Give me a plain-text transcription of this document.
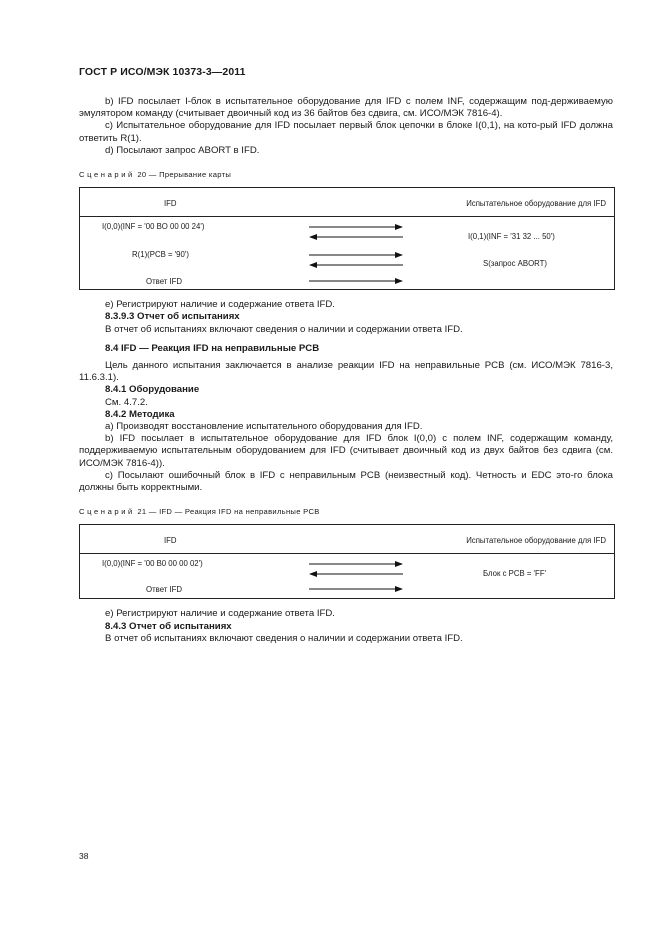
ГОСТ Р ИСО/МЭК 10373-3—2011

b) IFD посылает I-блок в испытательное оборудование для IFD с полем INF, содержащим под-держиваемую эмулятором команду (считывает двоичный код из 36 байтов без сдвига, см. ИСО/МЭК 7816-4).

c) Испытательное оборудование для IFD посылает первый блок цепочки в блоке I(0,1), на кото-рый IFD должна ответить R(1).

d) Посылают запрос ABORT в IFD.

Сценарий 20 — Прерывание карты
IFD	Испытательное оборудование для IFD
I(0,0)(INF = '00 BO 00 00 24')
I(0,1)(INF = '31 32 ... 50')
R(1)(PCB = '90')
S(запрос ABORT)
Ответ IFD

e) Регистрируют наличие и содержание ответа IFD.

8.3.9.3 Отчет об испытаниях

В отчет об испытаниях включают сведения о наличии и содержании ответа IFD.

8.4 IFD — Реакция IFD на неправильные PCB

Цель данного испытания заключается в анализе реакции IFD на неправильные PCB (см. ИСО/МЭК 7816-3, 11.6.3.1).

8.4.1 Оборудование

См. 4.7.2.

8.4.2 Методика

a) Производят восстановление испытательного оборудования для IFD.

b) IFD посылает в испытательное оборудование для IFD блок I(0,0) с полем INF, содержащим команду, поддерживаемую испытательным оборудованием для IFD (считывает двоичный код из двух байтов без сдвига (см. ИСО/МЭК 7816-4)).

c) Посылают ошибочный блок в IFD с неправильным PCB (неизвестный код). Четность и EDC это-го блока должны быть корректными.

Сценарий 21 — IFD — Реакция IFD на неправильные PCB
IFD	Испытательное оборудование для IFD
I(0,0)(INF = '00 B0 00 00 02')
Блок с PCB = 'FF'
Ответ IFD

e) Регистрируют наличие и содержание ответа IFD.

8.4.3 Отчет об испытаниях

В отчет об испытаниях включают сведения о наличии и содержании ответа IFD.

38
